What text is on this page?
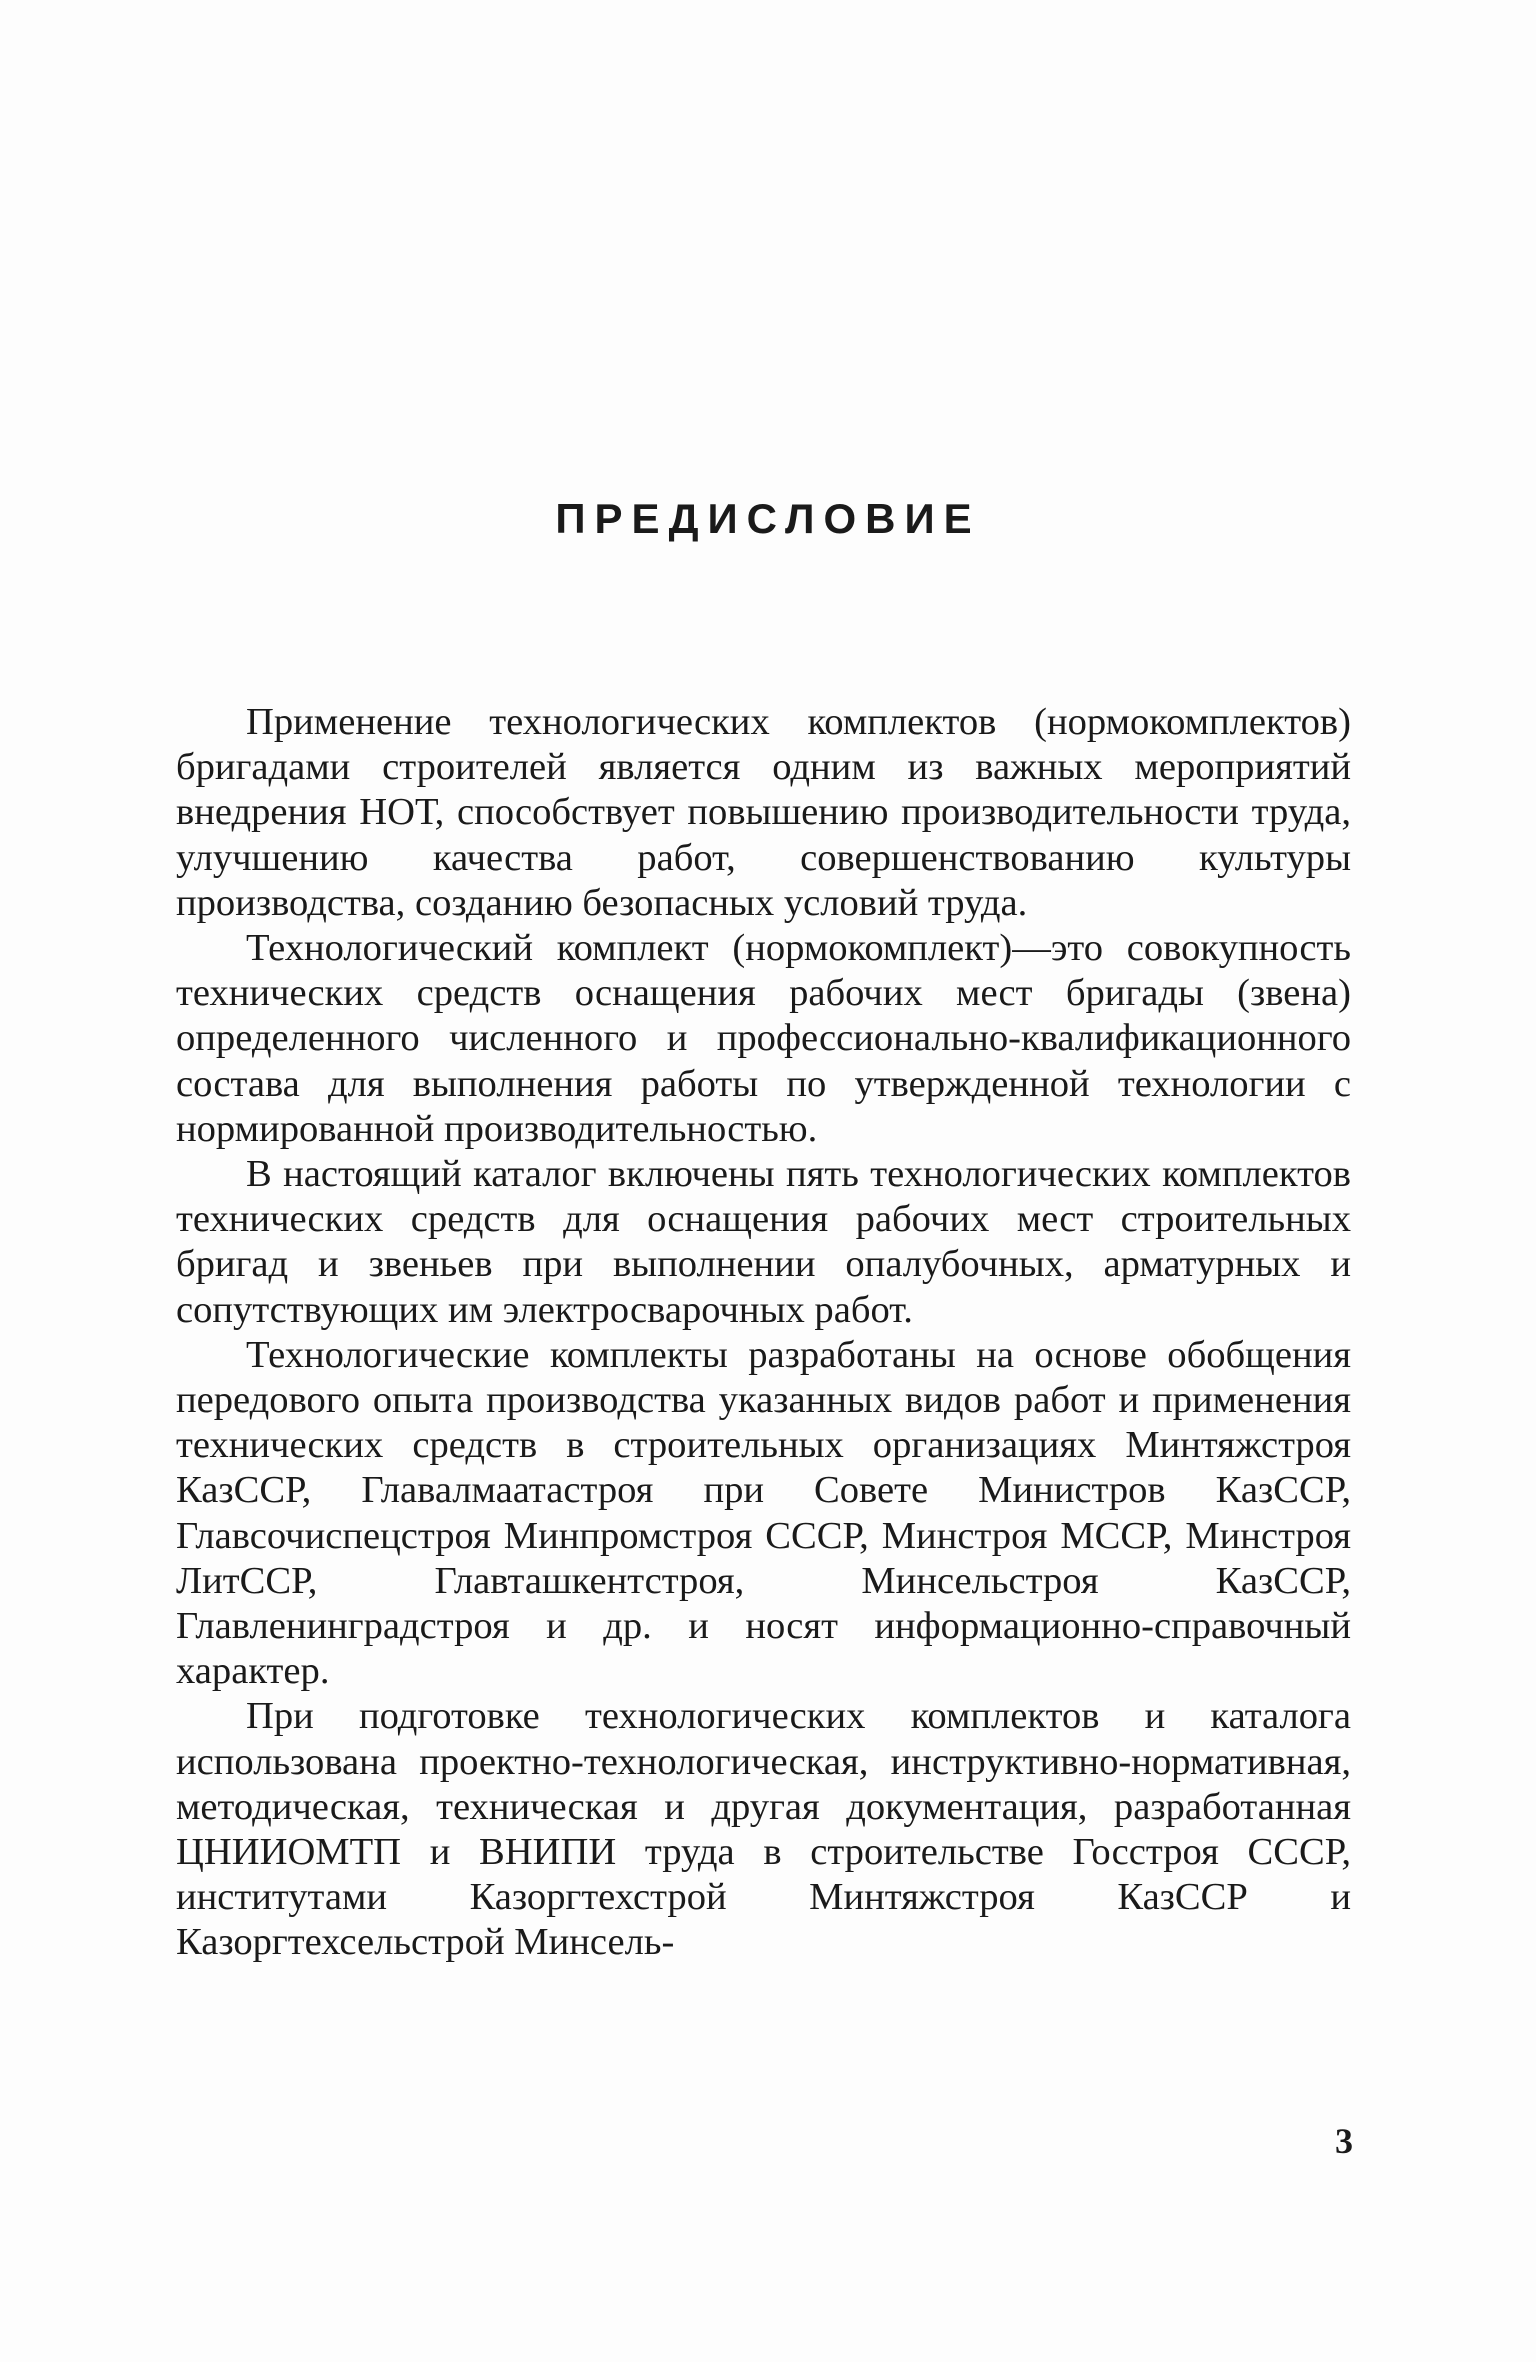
ПРЕДИСЛОВИЕ

Применение технологических комплектов (нормокомплектов) бригадами строителей является одним из важных мероприятий внедрения НОТ, способствует повышению производительности труда, улучшению качества работ, совершенствованию культуры производства, созданию безопасных условий труда.

Технологический комплект (нормокомплект)—это совокупность технических средств оснащения рабочих мест бригады (звена) определенного численного и профессионально-квалификационного состава для выполнения работы по утвержденной технологии с нормированной производительностью.

В настоящий каталог включены пять технологических комплектов технических средств для оснащения рабочих мест строительных бригад и звеньев при выполнении опалубочных, арматурных и сопутствующих им электросварочных работ.

Технологические комплекты разработаны на основе обобщения передового опыта производства указанных видов работ и применения технических средств в строительных организациях Минтяжстроя КазССР, Главалмаатастроя при Совете Министров КазССР, Главсочиспецстроя Минпромстроя СССР, Минстроя МССР, Минстроя ЛитССР, Главташкентстроя, Минсельстроя КазССР, Главленинградстроя и др. и носят информационно-справочный характер.

При подготовке технологических комплектов и каталога использована проектно-технологическая, инструктивно-нормативная, методическая, техническая и другая документация, разработанная ЦНИИОМТП и ВНИПИ труда в строительстве Госстроя СССР, институтами Казоргтехстрой Минтяжстроя КазССР и Казоргтехсельстрой Минсель-

3
